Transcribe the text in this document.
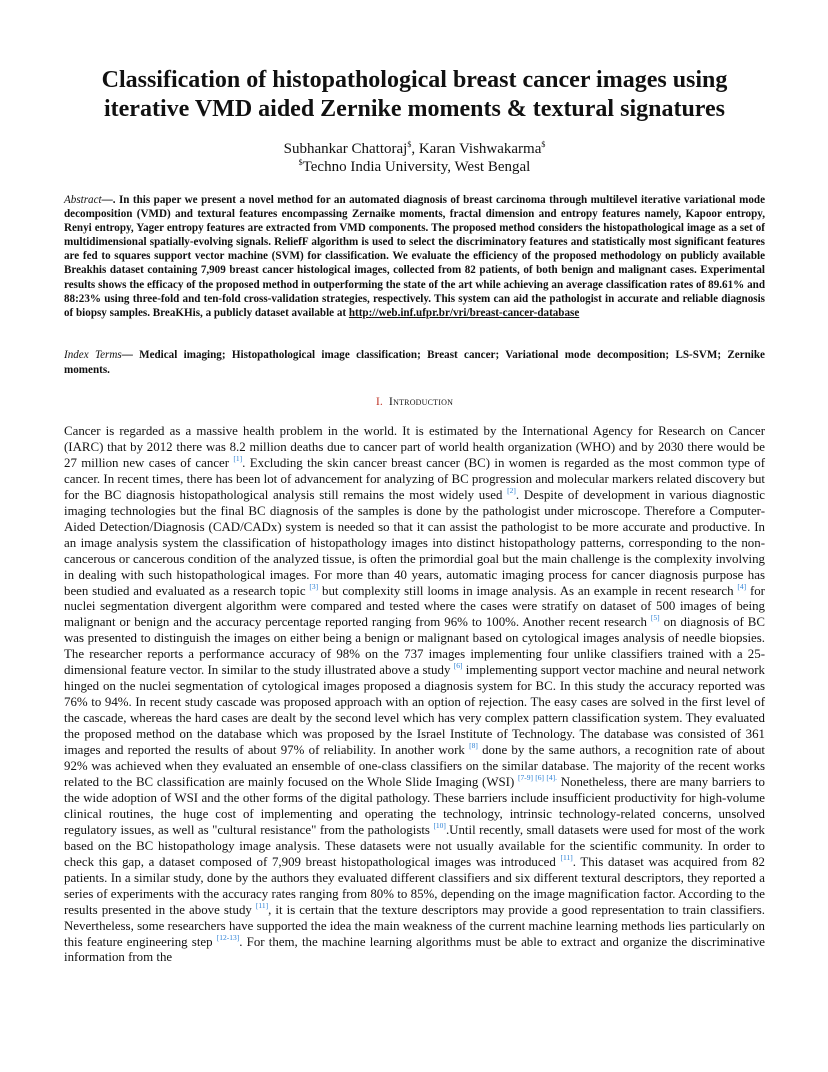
Classification of histopathological breast cancer images using
iterative VMD aided Zernike moments & textural signatures
Subhankar Chattoraj$, Karan Vishwakarma$
$Techno India University, West Bengal

Abstract—. In this paper we present a novel method for an automated diagnosis of breast carcinoma through multilevel iterative variational mode decomposition (VMD) and textural features encompassing Zernaike moments, fractal dimension and entropy features namely, Kapoor entropy, Renyi entropy, Yager entropy features are extracted from VMD components. The proposed method considers the histopathological image as a set of multidimensional spatially-evolving signals. ReliefF algorithm is used to select the discriminatory features and statistically most significant features are fed to squares support vector machine (SVM) for classification. We evaluate the efficiency of the proposed methodology on publicly available Breakhis dataset containing 7,909 breast cancer histological images, collected from 82 patients, of both benign and malignant cases. Experimental results shows the efficacy of the proposed method in outperforming the state of the art while achieving an average classification rates of 89.61% and 88:23% using three-fold and ten-fold cross-validation strategies, respectively. This system can aid the pathologist in accurate and reliable diagnosis of biopsy samples. BreaKHis, a publicly dataset available at http://web.inf.ufpr.br/vri/breast-cancer-database

Index Terms— Medical imaging; Histopathological image classification; Breast cancer; Variational mode decomposition; LS-SVM; Zernike moments.

I. Introduction

Cancer is regarded as a massive health problem in the world. It is estimated by the International Agency for Research on Cancer (IARC) that by 2012 there was 8.2 million deaths due to cancer part of world health organization (WHO) and by 2030 there would be 27 million new cases of cancer [1]. Excluding the skin cancer breast cancer (BC) in women is regarded as the most common type of cancer. In recent times, there has been lot of advancement for analyzing of BC progression and molecular markers related discovery but for the BC diagnosis histopathological analysis still remains the most widely used [2]. Despite of development in various diagnostic imaging technologies but the final BC diagnosis of the samples is done by the pathologist under microscope. Therefore a Computer-Aided Detection/Diagnosis (CAD/CADx) system is needed so that it can assist the pathologist to be more accurate and productive. In an image analysis system the classification of histopathology images into distinct histopathology patterns, corresponding to the non-cancerous or cancerous condition of the analyzed tissue, is often the primordial goal but the main challenge is the complexity involving in dealing with such histopathological images. For more than 40 years, automatic imaging process for cancer diagnosis purpose has been studied and evaluated as a research topic [3] but complexity still looms in image analysis. As an example in recent research [4] for nuclei segmentation divergent algorithm were compared and tested where the cases were stratify on dataset of 500 images of being malignant or benign and the accuracy percentage reported ranging from 96% to 100%. Another recent research [5] on diagnosis of BC was presented to distinguish the images on either being a benign or malignant based on cytological images analysis of needle biopsies. The researcher reports a performance accuracy of 98% on the 737 images implementing four unlike classifiers trained with a 25-dimensional feature vector. In similar to the study illustrated above a study [6] implementing support vector machine and neural network hinged on the nuclei segmentation of cytological images proposed a diagnosis system for BC. In this study the accuracy reported was 76% to 94%. In recent study cascade was proposed approach with an option of rejection. The easy cases are solved in the first level of the cascade, whereas the hard cases are dealt by the second level which has very complex pattern classification system. They evaluated the proposed method on the database which was proposed by the Israel Institute of Technology. The database was consisted of 361 images and reported the results of about 97% of reliability. In another work [8] done by the same authors, a recognition rate of about 92% was achieved when they evaluated an ensemble of one-class classifiers on the similar database. The majority of the recent works related to the BC classification are mainly focused on the Whole Slide Imaging (WSI) $^{[7-9] [6] [4].}$ Nonetheless, there are many barriers to the wide adoption of WSI and the other forms of the digital pathology. These barriers include insufficient productivity for high-volume clinical routines, the huge cost of implementing and operating the technology, intrinsic technology-related concerns, unsolved regulatory issues, as well as "cultural resistance" from the pathologists [10].Until recently, small datasets were used for most of the work based on the BC histopathology image analysis. These datasets were not usually available for the scientific community. In order to check this gap, a dataset composed of 7,909 breast histopathological images was introduced [11]. This dataset was acquired from 82 patients. In a similar study, done by the authors they evaluated different classifiers and six different textural descriptors, they reported a series of experiments with the accuracy rates ranging from 80% to 85%, depending on the image magnification factor. According to the results presented in the above study [11], it is certain that the texture descriptors may provide a good representation to train classifiers. Nevertheless, some researchers have supported the idea the main weakness of the current machine learning methods lies particularly on this feature engineering step [12-13]. For them, the machine learning algorithms must be able to extract and organize the discriminative information from the
